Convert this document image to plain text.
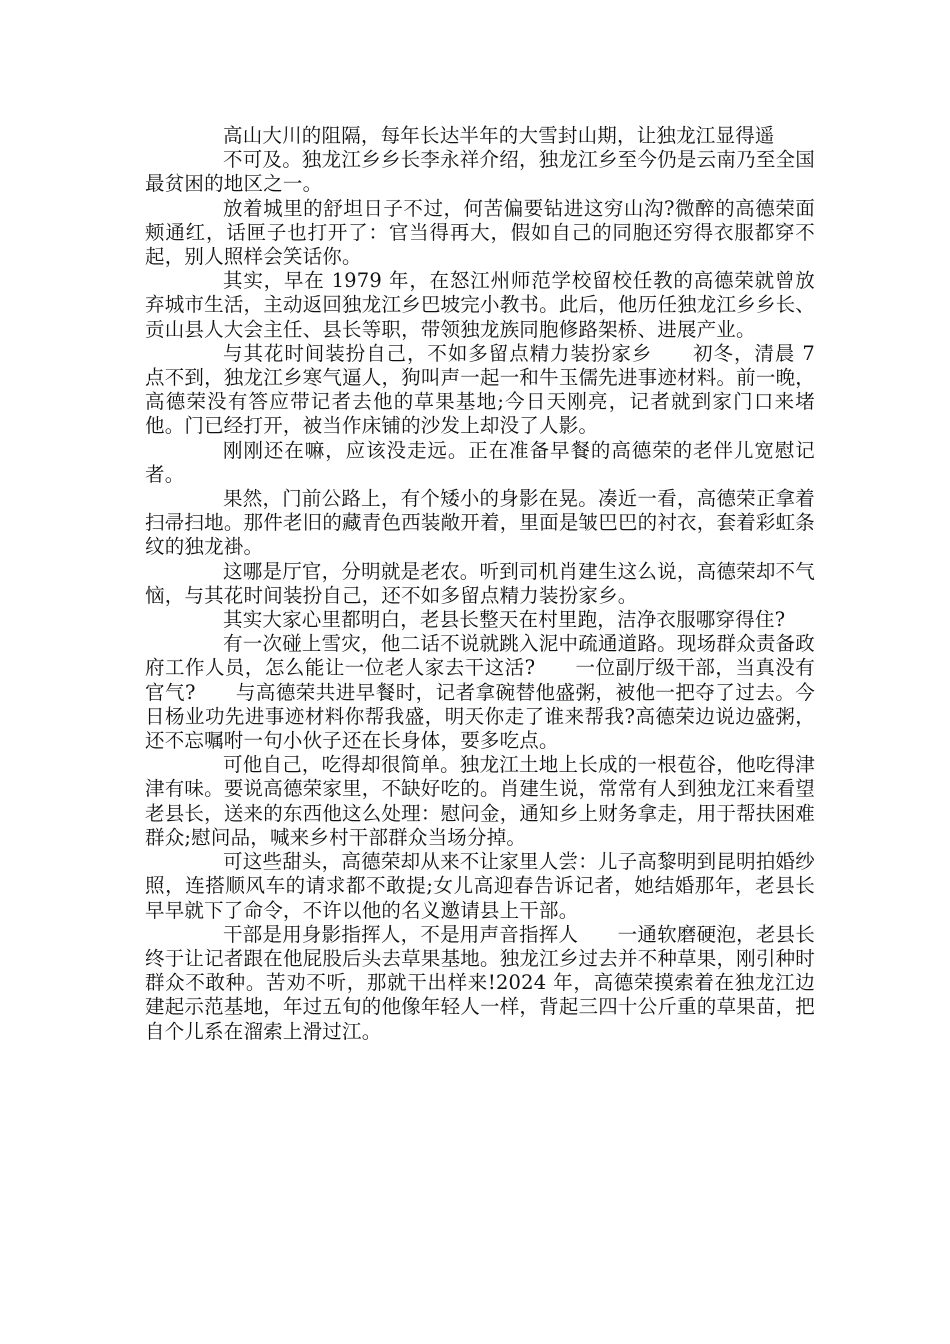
高山大川的阻隔，每年长达半年的大雪封山期，让独龙江显得遥

不可及。独龙江乡乡长李永祥介绍，独龙江乡至今仍是云南乃至全国最贫困的地区之一。

放着城里的舒坦日子不过，何苦偏要钻进这穷山沟?微醉的高德荣面颊通红，话匣子也打开了：官当得再大，假如自己的同胞还穷得衣服都穿不起，别人照样会笑话你。

其实，早在 1979 年，在怒江州师范学校留校任教的高德荣就曾放弃城市生活，主动返回独龙江乡巴坡完小教书。此后，他历任独龙江乡乡长、贡山县人大会主任、县长等职，带领独龙族同胞修路架桥、进展产业。

与其花时间装扮自己，不如多留点精力装扮家乡　　初冬，清晨 7 点不到，独龙江乡寒气逼人，狗叫声一起一和牛玉儒先进事迹材料。前一晚，高德荣没有答应带记者去他的草果基地;今日天刚亮，记者就到家门口来堵他。门已经打开，被当作床铺的沙发上却没了人影。

刚刚还在嘛，应该没走远。正在准备早餐的高德荣的老伴儿宽慰记者。

果然，门前公路上，有个矮小的身影在晃。凑近一看，高德荣正拿着扫帚扫地。那件老旧的藏青色西装敞开着，里面是皱巴巴的衬衣，套着彩虹条纹的独龙褂。

这哪是厅官，分明就是老农。听到司机肖建生这么说，高德荣却不气恼，与其花时间装扮自己，还不如多留点精力装扮家乡。

其实大家心里都明白，老县长整天在村里跑，洁净衣服哪穿得住?

有一次碰上雪灾，他二话不说就跳入泥中疏通道路。现场群众责备政府工作人员，怎么能让一位老人家去干这活?　　一位副厅级干部，当真没有官气?　　与高德荣共进早餐时，记者拿碗替他盛粥，被他一把夺了过去。今日杨业功先进事迹材料你帮我盛，明天你走了谁来帮我?高德荣边说边盛粥，还不忘嘱咐一句小伙子还在长身体，要多吃点。

可他自己，吃得却很简单。独龙江土地上长成的一根苞谷，他吃得津津有味。要说高德荣家里，不缺好吃的。肖建生说，常常有人到独龙江来看望老县长，送来的东西他这么处理：慰问金，通知乡上财务拿走，用于帮扶困难群众;慰问品，喊来乡村干部群众当场分掉。

可这些甜头，高德荣却从来不让家里人尝：儿子高黎明到昆明拍婚纱照，连搭顺风车的请求都不敢提;女儿高迎春告诉记者，她结婚那年，老县长早早就下了命令，不许以他的名义邀请县上干部。

干部是用身影指挥人，不是用声音指挥人　　一通软磨硬泡，老县长终于让记者跟在他屁股后头去草果基地。独龙江乡过去并不种草果，刚引种时群众不敢种。苦劝不听，那就干出样来!2024 年，高德荣摸索着在独龙江边建起示范基地，年过五旬的他像年轻人一样，背起三四十公斤重的草果苗，把自个儿系在溜索上滑过江。
